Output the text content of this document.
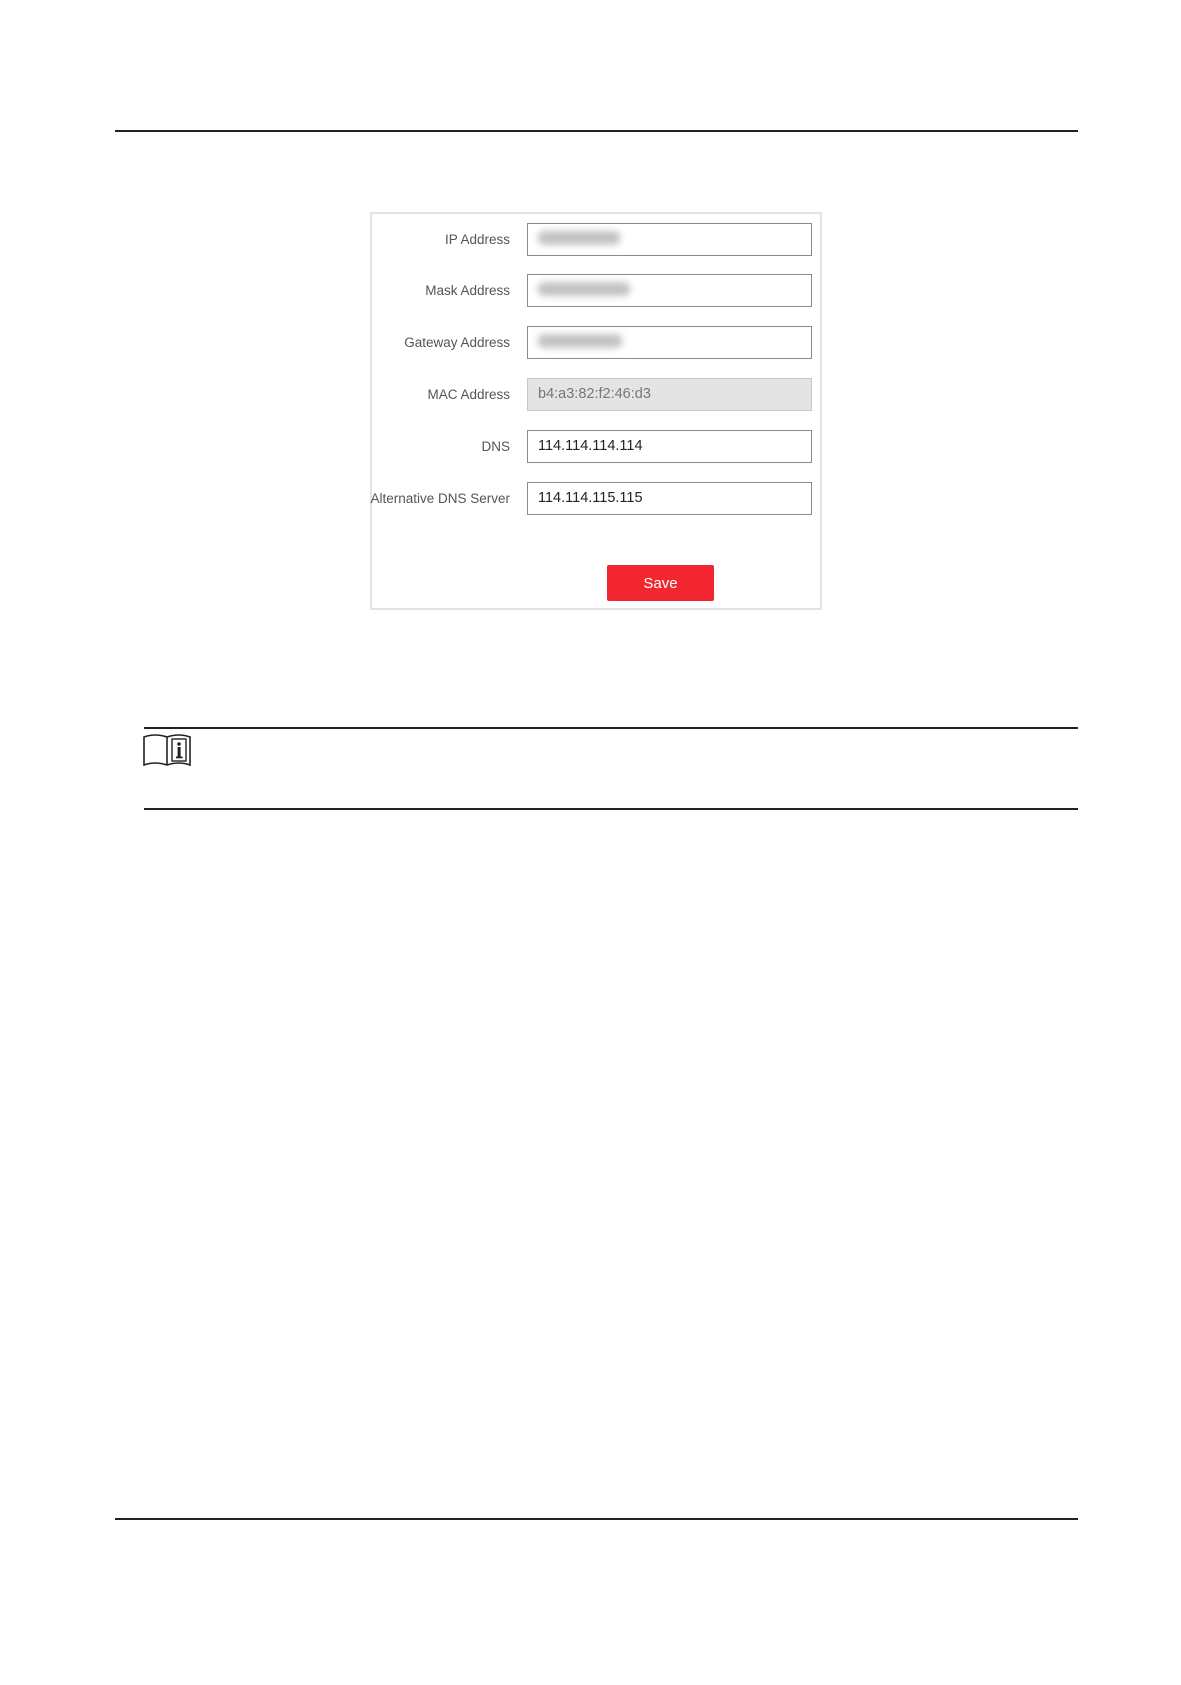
IP Address
Mask Address
Gateway Address
MAC Address	b4:a3:82:f2:46:d3
DNS	114.114.114.114
Alternative DNS Server	114.114.115.115
Save
